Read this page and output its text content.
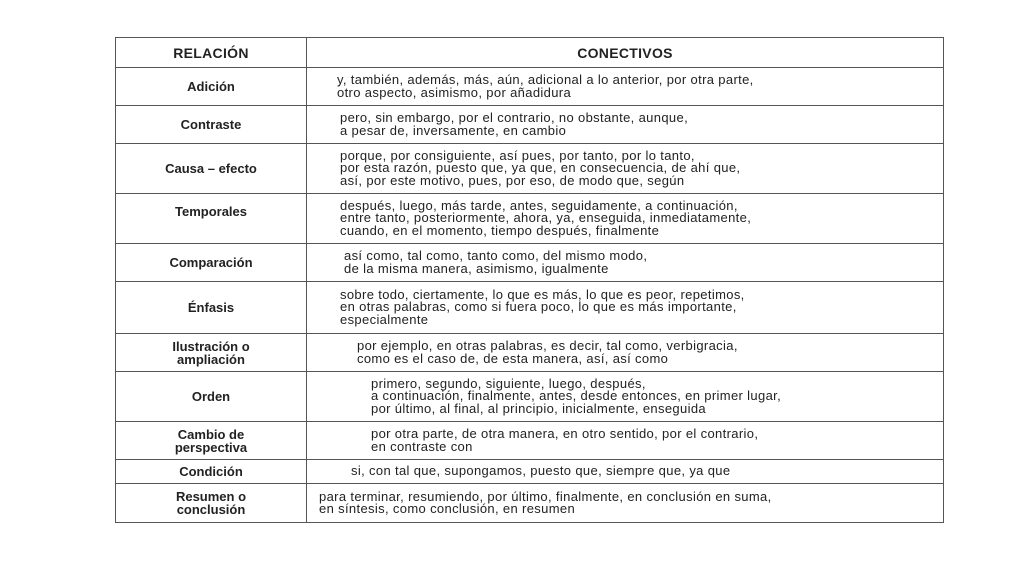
RELACIÓN	CONECTIVOS
Adición	y, también, además, más, aún, adicional a lo anterior, por otra parte,
otro aspecto, asimismo, por añadidura
Contraste	pero, sin embargo, por el contrario, no obstante, aunque,
a pesar de, inversamente, en cambio
Causa – efecto	porque, por consiguiente, así pues, por tanto, por lo tanto,
por esta razón, puesto que, ya que, en consecuencia, de ahí que,
así, por este motivo, pues, por eso, de modo que, según
Temporales	después, luego, más tarde, antes, seguidamente, a continuación,
entre tanto, posteriormente, ahora, ya, enseguida, inmediatamente,
cuando, en el momento, tiempo después, finalmente
Comparación	así como, tal como, tanto como, del mismo modo,
de la misma manera, asimismo, igualmente
Énfasis	sobre todo, ciertamente, lo que es más, lo que es peor, repetimos,
en otras palabras, como si fuera poco, lo que es más importante,
especialmente
Ilustración o
ampliación	por ejemplo, en otras palabras, es decir, tal como, verbigracia,
como es el caso de, de esta manera, así, así como
Orden	primero, segundo, siguiente, luego, después,
a continuación, finalmente, antes, desde entonces, en primer lugar,
por último, al final, al principio, inicialmente, enseguida
Cambio de
perspectiva	por otra parte, de otra manera, en otro sentido, por el contrario,
en contraste con
Condición	si, con tal que, supongamos, puesto que, siempre que, ya que
Resumen o
conclusión	para terminar, resumiendo, por último, finalmente, en conclusión en suma,
en síntesis, como conclusión, en resumen
